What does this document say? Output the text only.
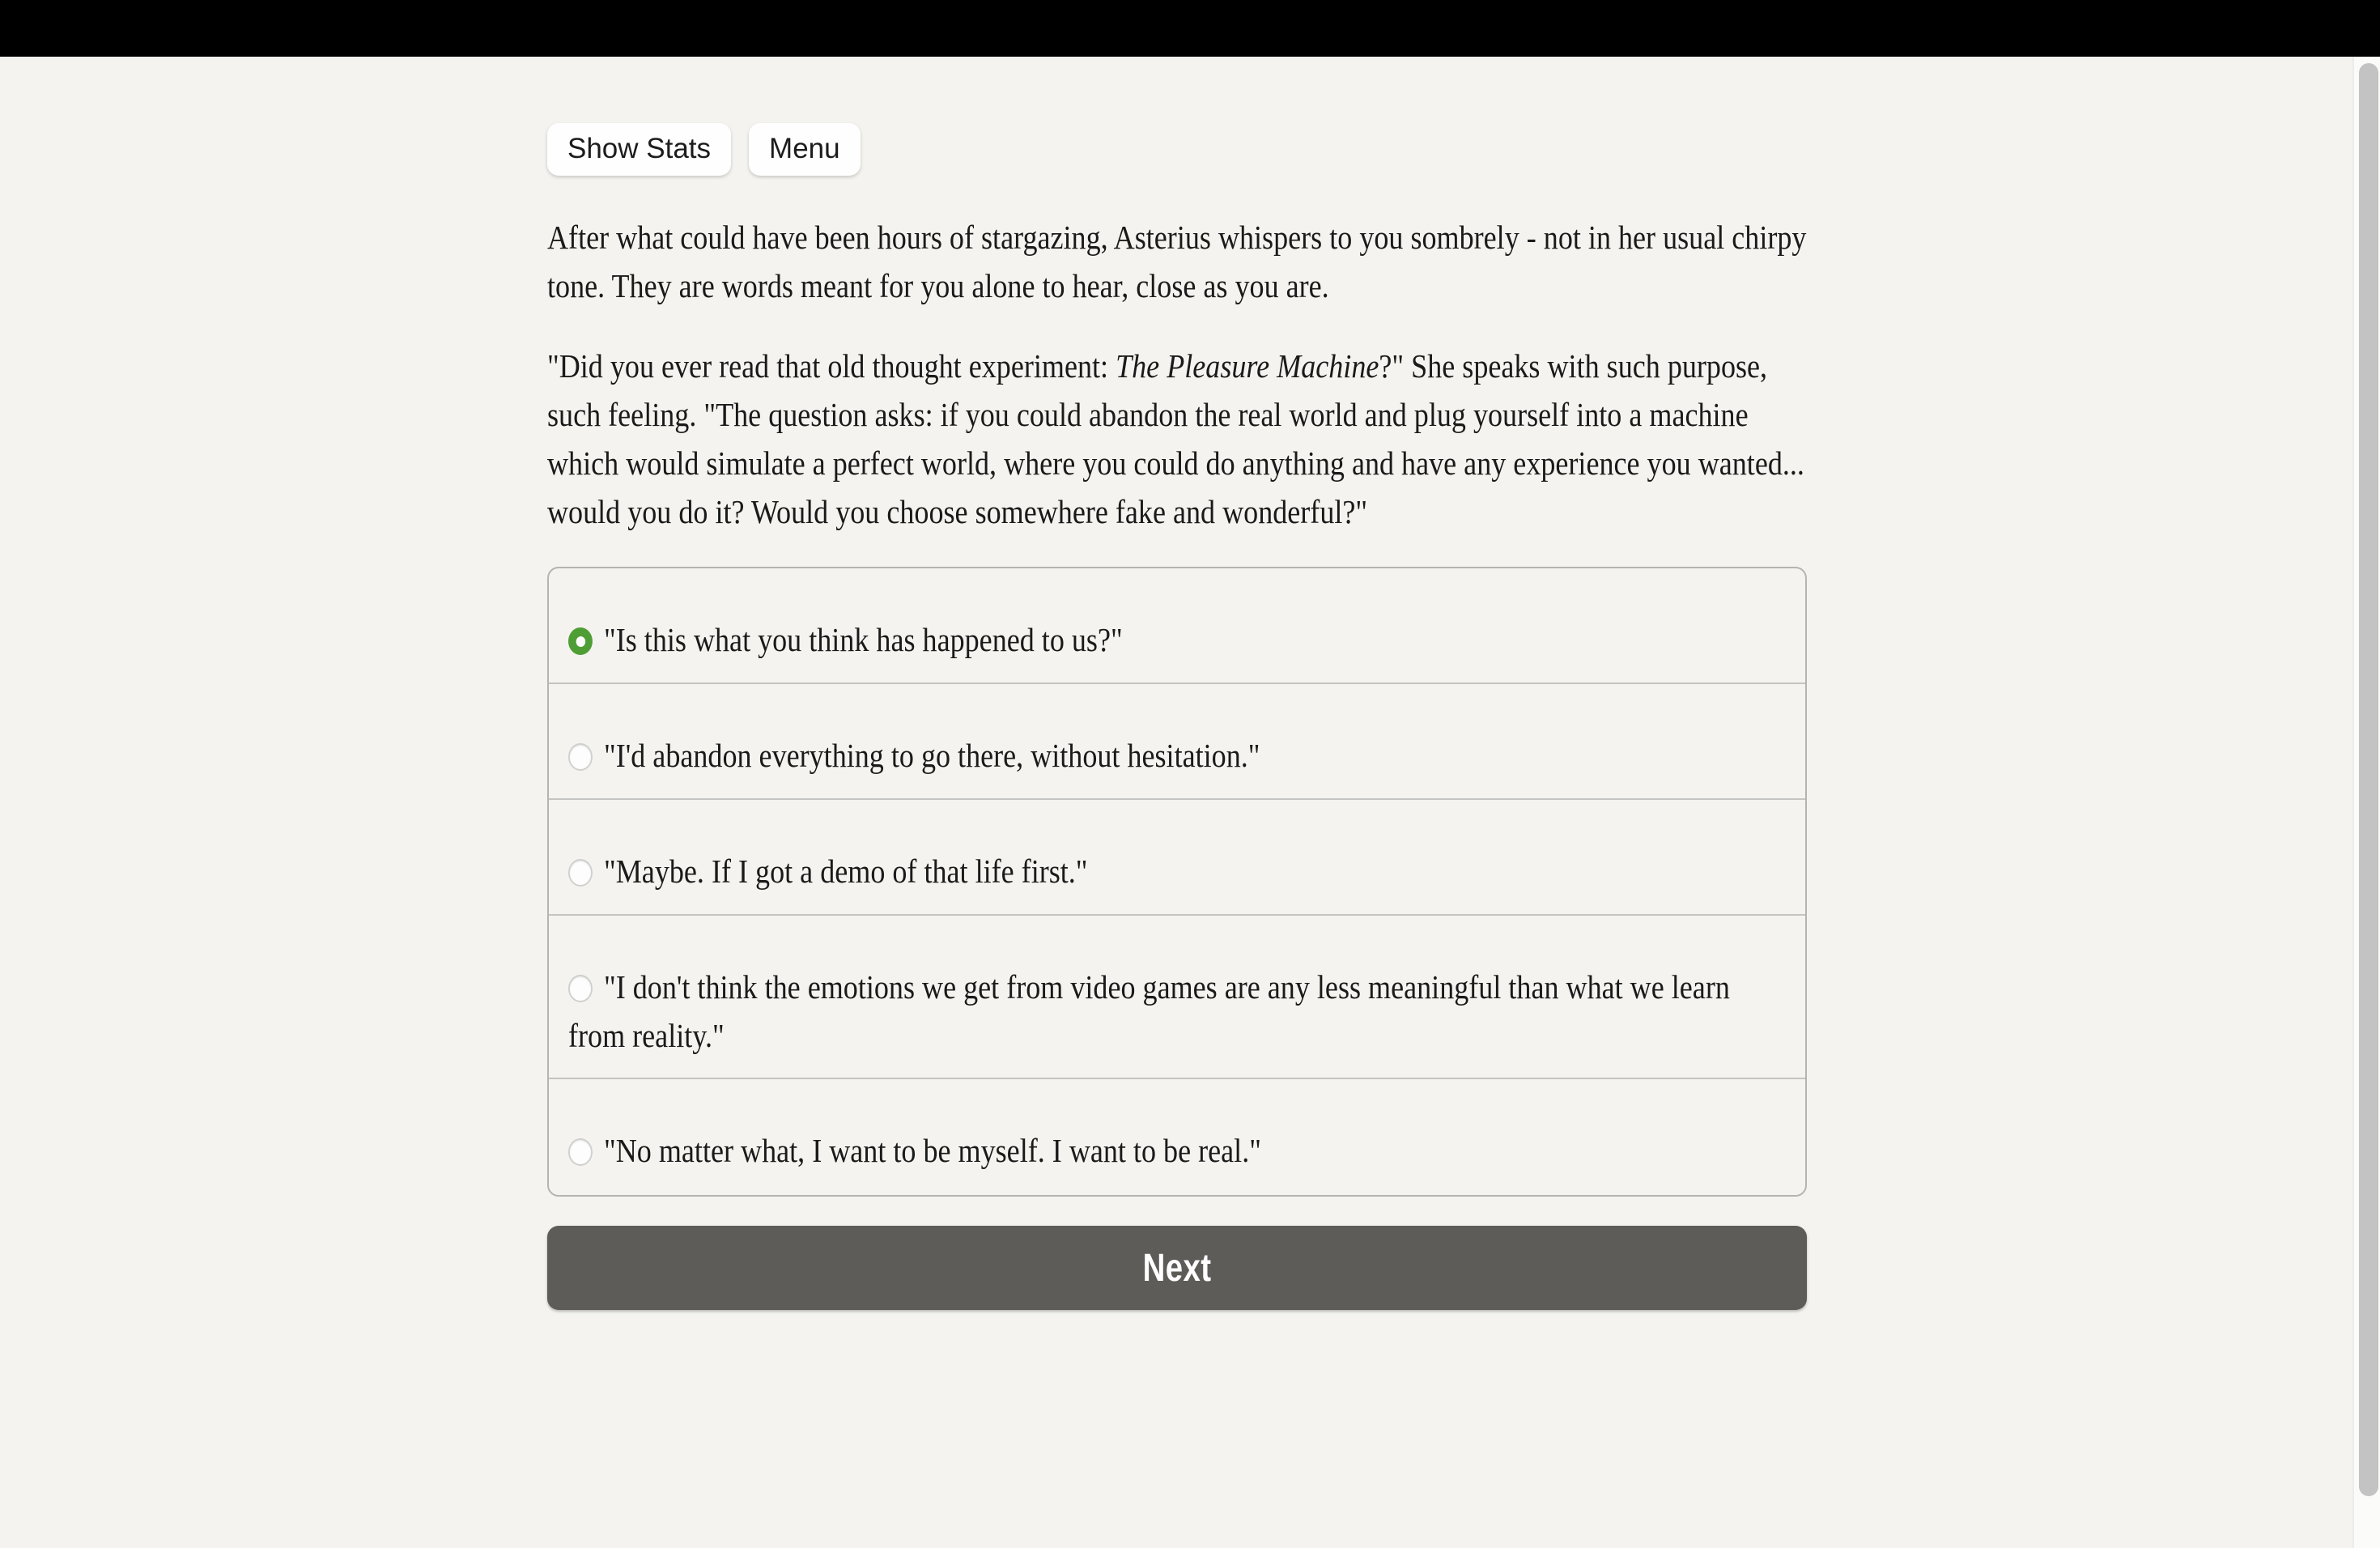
Show Stats	Menu

After what could have been hours of stargazing, Asterius whispers to you sombrely - not in her usual chirpy tone. They are words meant for you alone to hear, close as you are.

"Did you ever read that old thought experiment: The Pleasure Machine?" She speaks with such purpose, such feeling. "The question asks: if you could abandon the real world and plug yourself into a machine which would simulate a perfect world, where you could do anything and have any experience you wanted... would you do it? Would you choose somewhere fake and wonderful?"

"Is this what you think has happened to us?"
"I'd abandon everything to go there, without hesitation."
"Maybe. If I got a demo of that life first."
"I don't think the emotions we get from video games are any less meaningful than what we learn from reality."
"No matter what, I want to be myself. I want to be real."
Next
